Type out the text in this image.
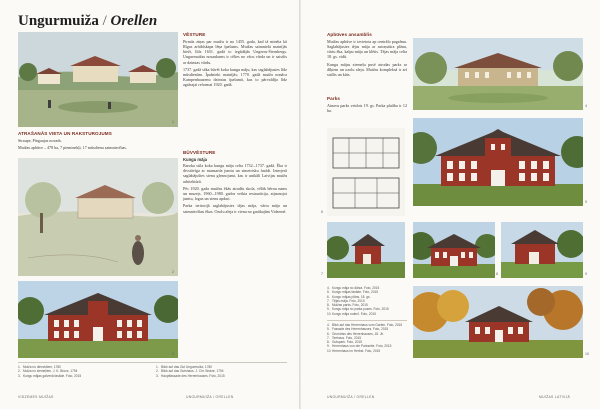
Ungurmuiža / Orellen
ATRAŠANĀS VIETA UN RAKSTUROJUMS
Straupe, Pārgaujas novads.
Muižas apbūve – 478 ha, 7 pieminekļi, 17 mūsdienu saimniecības.
VĒSTURE
Pirmās ziņas par muižu ir no 1455. gada, kad tā minēta kā Rīgas arhibīskapa lēņa īpašums. Muižas saimnieki mainījās bieži, līdz 1651. gadā to iegādājās Ungerns-Šternbergs. Ungurmuižas nosaukums ir cēlies no vācu vārda un ir saistīts ar dzimtas vārdu.
1737. gadā sāka būvēt koka kungu māju, kas saglabājusies līdz mūsdienām. Īpašnieki mainījās; 1770. gadā muiža nonāca Kampenhauzenu dzimtas īpašumā, kas to pārvaldīja līdz agrārajai reformai 1920. gadā.
BŪVVĒSTURE
Kungu māja
Baroka stila koka kungu māja celta 1732.–1737. gadā. Ēka ir divstāvīga ar mansarda jumtu un simetrisku fasādi. Interjerā saglabājušies sienu gleznojumi, kas ir unikāli Latvijas muižu arhitektūrā.
Pēc 1920. gada muižas ēkās atradās skola, vēlāk bērnu nams un muzejs. 1960.–1980. gados veikta restaurācija, atjaunojot jumtu, logus un sienu apdari.
Parka teritorijā saglabājusies tējas māja, vārtu māja un saimniecības ēkas. Ozolu aleja ir viena no garākajām Vidzemē.
1. Muiža no dienvidiem, 1780
2. Muiža no ziemeļiem. J. K. Broce, 1794
3. Kungu mājas galvenā fasāde. Foto, 2015
1. Blick auf das Gut Ungurmuiža, 1780
2. Blick auf das Gutshaus. J. Chr. Brotze, 1794
3. Hauptfassade des Herrenhauses. Foto, 2015
1
2
3
VIDZEMES MUIŽAS	UNGURMUIŽA / ORELLEN
Apbūves ansamblis
Muižas apbūve ir izvietota ap centrālo pagalmu. Saglabājusies tējas māja ar astoņstūra plānu, vārtu ēka, kalpu māja un klētis. Tējas māja celta 18. gs. vidū.
Kungu mājas ziemeļu pusē atrodas parks ar dīķiem un ozolu aleju. Muižas kompleksā ir arī stallis un kūts.
Parks
Ainavu parks veidots 19. gs. Parka platība ir 12 ha.
4. Kungu māja no dārza. Foto, 2015
5. Kungu mājas fasāde. Foto, 2015
6. Kungu mājas plāns, 18. gs.
7. Tējas māja. Foto, 2015
8. Muižas parks. Foto, 2015
9. Kungu māja no parka puses. Foto, 2015
10.Kungu māja rudenī. Foto, 2015
4. Blick auf das Herrenhaus vom Garten. Foto, 2015
5. Fassade des Herrenhauses. Foto, 2015
6. Grundriss des Herrenhauses, 18. Jh.
7. Teehaus. Foto, 2015
8. Gutspark. Foto, 2015
9. Herrenhaus von der Parkseite. Foto, 2015
10.Herrenhaus im Herbst. Foto, 2015
4
5
6
7	8	9
10
UNGURMUIŽA / ORELLEN	MUIŽAS LATVIJĀ
